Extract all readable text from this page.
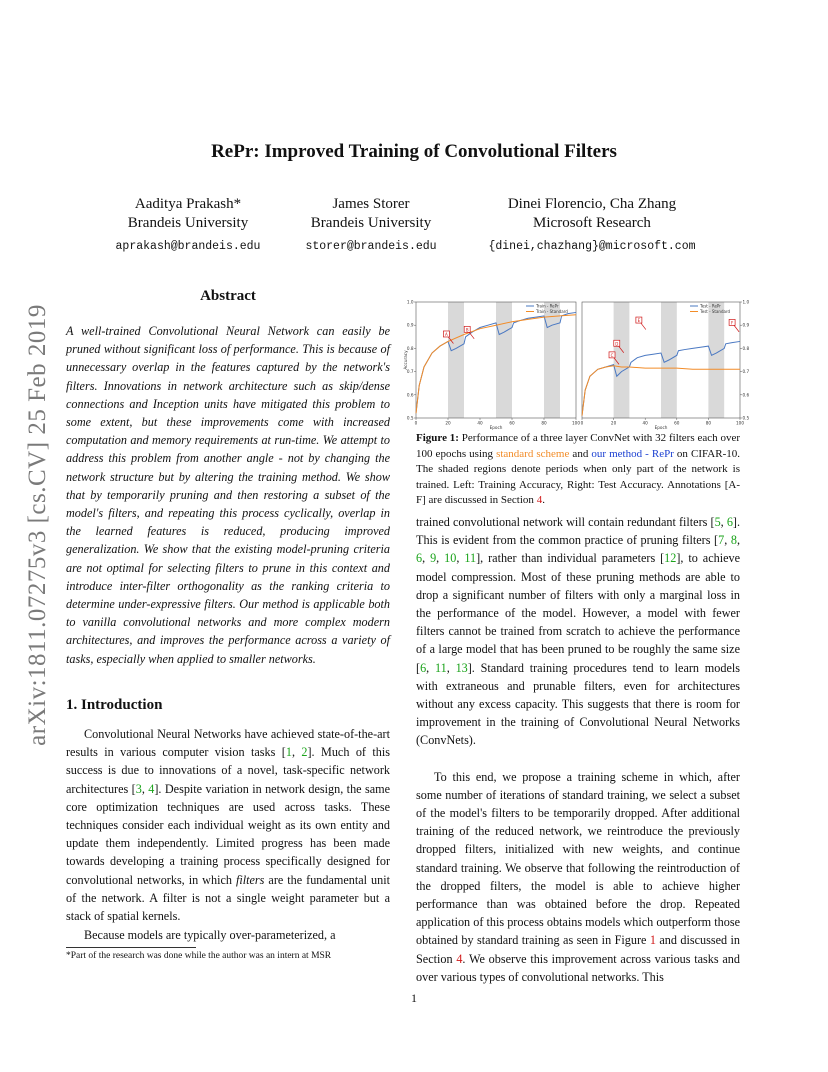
arXiv:1811.07275v3 [cs.CV] 25 Feb 2019
RePr: Improved Training of Convolutional Filters
Aaditya Prakash*
Brandeis University
aprakash@brandeis.edu
James Storer
Brandeis University
storer@brandeis.edu
Dinei Florencio, Cha Zhang
Microsoft Research
{dinei,chazhang}@microsoft.com
Abstract
A well-trained Convolutional Neural Network can easily be pruned without significant loss of performance. This is because of unnecessary overlap in the features captured by the network's filters. Innovations in network architecture such as skip/dense connections and Inception units have mitigated this problem to some extent, but these improvements come with increased computation and memory requirements at run-time. We attempt to address this problem from another angle - not by changing the network structure but by altering the training method. We show that by temporarily pruning and then restoring a subset of the model's filters, and repeating this process cyclically, overlap in the learned features is reduced, producing improved generalization. We show that the existing model-pruning criteria are not optimal for selecting filters to prune in this context and introduce inter-filter orthogonality as the ranking criteria to determine under-expressive filters. Our method is applicable both to vanilla convolutional networks and more complex modern architectures, and improves the performance across a variety of tasks, especially when applied to smaller networks.
1. Introduction

Convolutional Neural Networks have achieved state-of-the-art results in various computer vision tasks [1, 2]. Much of this success is due to innovations of a novel, task-specific network architectures [3, 4]. Despite variation in network design, the same core optimization techniques are used across tasks. These techniques consider each individual weight as its own entity and update them independently. Limited progress has been made towards developing a training process specifically designed for convolutional networks, in which filters are the fundamental unit of the network. A filter is not a single weight parameter but a stack of spatial kernels.

Because models are typically over-parameterized, a

*Part of the research was done while the author was an intern at MSR
1
0	20	40	60	80	100
0.5
0.6
0.7
0.8
0.9
1.0
Epoch
Accuracy
Train - RePr
Train - Standard
A
B
0	20	40	60	80	100
0.5
0.6
0.7
0.8
0.9
1.0
Epoch
Test - RePr
Test - Standard
C
D
E	F
Figure 1: Performance of a three layer ConvNet with 32 filters each over 100 epochs using standard scheme and our method - RePr on CIFAR-10. The shaded regions denote periods when only part of the network is trained. Left: Training Accuracy, Right: Test Accuracy. Annotations [A-F] are discussed in Section 4.

trained convolutional network will contain redundant filters [5, 6]. This is evident from the common practice of pruning filters [7, 8, 6, 9, 10, 11], rather than individual parameters [12], to achieve model compression. Most of these pruning methods are able to drop a significant number of filters with only a marginal loss in the performance of the model. However, a model with fewer filters cannot be trained from scratch to achieve the performance of a large model that has been pruned to be roughly the same size [6, 11, 13]. Standard training procedures tend to learn models with extraneous and prunable filters, even for architectures without any excess capacity. This suggests that there is room for improvement in the training of Convolutional Neural Networks (ConvNets).

To this end, we propose a training scheme in which, after some number of iterations of standard training, we select a subset of the model's filters to be temporarily dropped. After additional training of the reduced network, we reintroduce the previously dropped filters, initialized with new weights, and continue standard training. We observe that following the reintroduction of the dropped filters, the model is able to achieve higher performance than was obtained before the drop. Repeated application of this process obtains models which outperform those obtained by standard training as seen in Figure 1 and discussed in Section 4. We observe this improvement across various tasks and over various types of convolutional networks. This
